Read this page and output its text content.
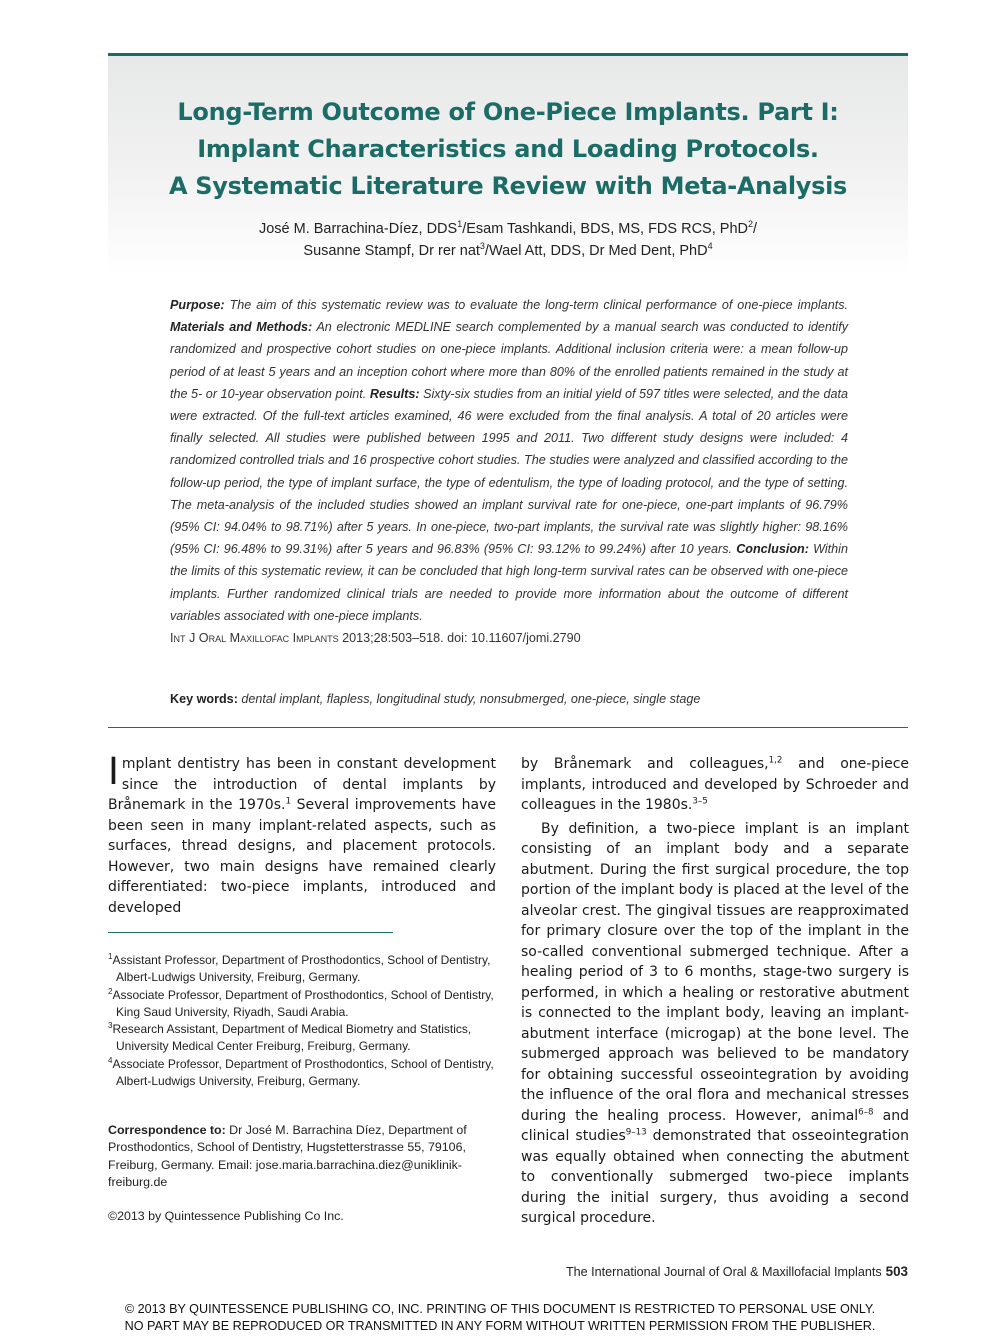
Long-Term Outcome of One-Piece Implants. Part I:
Implant Characteristics and Loading Protocols.
A Systematic Literature Review with Meta-Analysis
José M. Barrachina-Díez, DDS$^1$/Esam Tashkandi, BDS, MS, FDS RCS, PhD$^2$/
Susanne Stampf, Dr rer nat$^3$/Wael Att, DDS, Dr Med Dent, PhD$^4$
Purpose: The aim of this systematic review was to evaluate the long-term clinical performance of one-piece implants. Materials and Methods: An electronic MEDLINE search complemented by a manual search was conducted to identify randomized and prospective cohort studies on one-piece implants. Additional inclusion criteria were: a mean follow-up period of at least 5 years and an inception cohort where more than 80% of the enrolled patients remained in the study at the 5- or 10-year observation point. Results: Sixty-six studies from an initial yield of 597 titles were selected, and the data were extracted. Of the full-text articles examined, 46 were excluded from the final analysis. A total of 20 articles were finally selected. All studies were published between 1995 and 2011. Two different study designs were included: 4 randomized controlled trials and 16 prospective cohort studies. The studies were analyzed and classified according to the follow-up period, the type of implant surface, the type of edentulism, the type of loading protocol, and the type of setting. The meta-analysis of the included studies showed an implant survival rate for one-piece, one-part implants of 96.79% (95% CI: 94.04% to 98.71%) after 5 years. In one-piece, two-part implants, the survival rate was slightly higher: 98.16% (95% CI: 96.48% to 99.31%) after 5 years and 96.83% (95% CI: 93.12% to 99.24%) after 10 years. Conclusion: Within the limits of this systematic review, it can be concluded that high long-term survival rates can be observed with one-piece implants. Further randomized clinical trials are needed to provide more information about the outcome of different variables associated with one-piece implants.
Int J Oral Maxillofac Implants 2013;28:503–518. doi: 10.11607/jomi.2790
Key words: dental implant, flapless, longitudinal study, nonsubmerged, one-piece, single stage

Implant dentistry has been in constant development since the introduction of dental implants by Brånemark in the 1970s.$^1$ Several improvements have been seen in many implant-related aspects, such as surfaces, thread designs, and placement protocols. However, two main designs have remained clearly differentiated: two-piece implants, introduced and developed

by Brånemark and colleagues,$^{1,2}$ and one-piece implants, introduced and developed by Schroeder and colleagues in the 1980s.$^{3-5}$

By definition, a two-piece implant is an implant consisting of an implant body and a separate abutment. During the first surgical procedure, the top portion of the implant body is placed at the level of the alveolar crest. The gingival tissues are reapproximated for primary closure over the top of the implant in the so-called conventional submerged technique. After a healing period of 3 to 6 months, stage-two surgery is performed, in which a healing or restorative abutment is connected to the implant body, leaving an implant-abutment interface (microgap) at the bone level. The submerged approach was believed to be mandatory for obtaining successful osseointegration by avoiding the influence of the oral flora and mechanical stresses during the healing process. However, animal$^{6-8}$ and clinical studies$^{9-13}$ demonstrated that osseointegration was equally obtained when connecting the abutment to conventionally submerged two-piece implants during the initial surgery, thus avoiding a second surgical procedure.

$^1$Assistant Professor, Department of Prosthodontics, School of Dentistry, Albert-Ludwigs University, Freiburg, Germany.

$^2$Associate Professor, Department of Prosthodontics, School of Dentistry, King Saud University, Riyadh, Saudi Arabia.

$^3$Research Assistant, Department of Medical Biometry and Statistics, University Medical Center Freiburg, Freiburg, Germany.

$^4$Associate Professor, Department of Prosthodontics, School of Dentistry, Albert-Ludwigs University, Freiburg, Germany.

Correspondence to: Dr José M. Barrachina Díez, Department of Prosthodontics, School of Dentistry, Hugstetterstrasse 55, 79106, Freiburg, Germany. Email: jose.maria.barrachina.diez@uniklinik-freiburg.de
©2013 by Quintessence Publishing Co Inc.
The International Journal of Oral & Maxillofacial Implants 503
© 2013 BY QUINTESSENCE PUBLISHING CO, INC. PRINTING OF THIS DOCUMENT IS RESTRICTED TO PERSONAL USE ONLY.
NO PART MAY BE REPRODUCED OR TRANSMITTED IN ANY FORM WITHOUT WRITTEN PERMISSION FROM THE PUBLISHER.
